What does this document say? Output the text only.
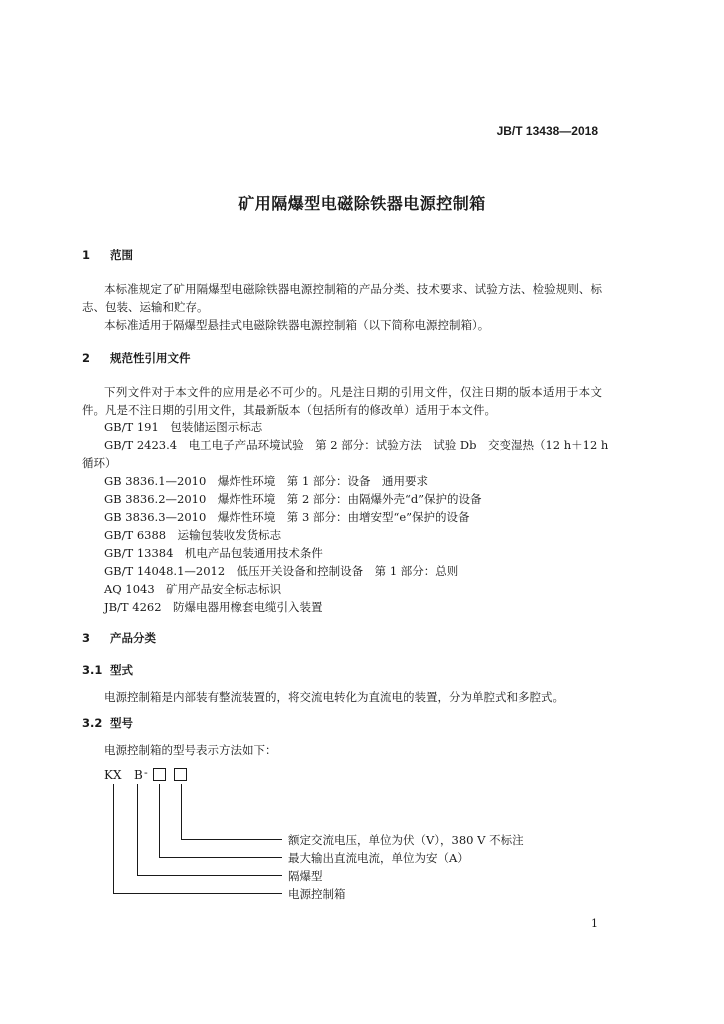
JB/T 13438—2018
矿用隔爆型电磁除铁器电源控制箱
1 范围
本标准规定了矿用隔爆型电磁除铁器电源控制箱的产品分类、技术要求、试验方法、检验规则、标志、包装、运输和贮存。
本标准适用于隔爆型悬挂式电磁除铁器电源控制箱（以下简称电源控制箱）。
2 规范性引用文件
下列文件对于本文件的应用是必不可少的。凡是注日期的引用文件，仅注日期的版本适用于本文件。凡是不注日期的引用文件，其最新版本（包括所有的修改单）适用于本文件。
GB/T 191　 包装储运图示标志
GB/T 2423.4　 电工电子产品环境试验　第 2 部分：试验方法　试验 Db　交变湿热（12 h＋12 h
循环）
GB 3836.1—2010　 爆炸性环境　第 1 部分：设备　通用要求
GB 3836.2—2010　 爆炸性环境　第 2 部分：由隔爆外壳“d”保护的设备
GB 3836.3—2010　 爆炸性环境　第 3 部分：由增安型“e”保护的设备
GB/T 6388　 运输包装收发货标志
GB/T 13384　 机电产品包装通用技术条件
GB/T 14048.1—2012　 低压开关设备和控制设备　第 1 部分：总则
AQ 1043　 矿用产品安全标志标识
JB/T 4262　 防爆电器用橡套电缆引入装置
3 产品分类
3.1 型式
电源控制箱是内部装有整流装置的，将交流电转化为直流电的装置，分为单腔式和多腔式。
3.2 型号
电源控制箱的型号表示方法如下：
KX B -
额定交流电压，单位为伏（V），380 V 不标注
最大输出直流电流，单位为安（A）
隔爆型
电源控制箱
1
